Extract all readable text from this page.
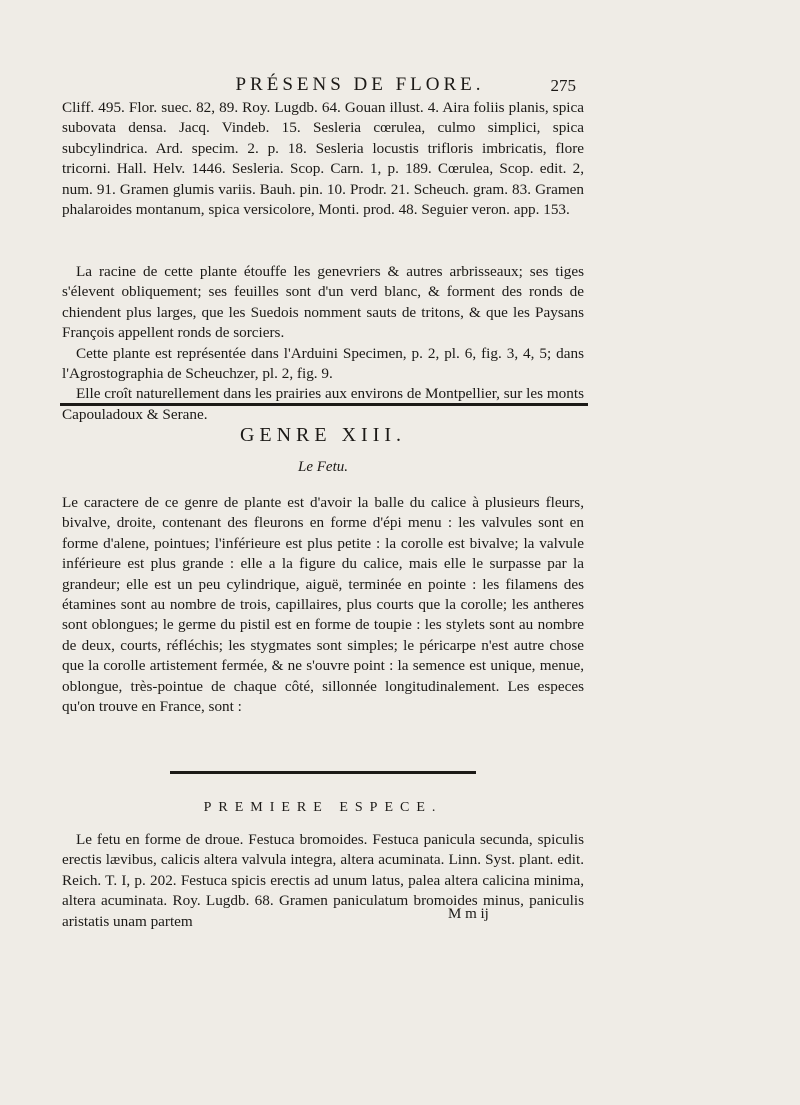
PRÉSENS DE FLORE.	275

Cliff. 495. Flor. suec. 82, 89. Roy. Lugdb. 64. Gouan illust. 4. Aira foliis planis, spica subovata densa. Jacq. Vindeb. 15. Sesleria cœrulea, culmo simplici, spica subcylindrica. Ard. specim. 2. p. 18. Sesleria locustis trifloris imbricatis, flore tricorni. Hall. Helv. 1446. Sesleria. Scop. Carn. 1, p. 189. Cœrulea, Scop. edit. 2, num. 91. Gramen glumis variis. Bauh. pin. 10. Prodr. 21. Scheuch. gram. 83. Gramen phalaroides montanum, spica versicolore, Monti. prod. 48. Seguier veron. app. 153.

La racine de cette plante étouffe les genevriers & autres arbrisseaux; ses tiges s'élevent obliquement; ses feuilles sont d'un verd blanc, & forment des ronds de chiendent plus larges, que les Suedois nomment sauts de tritons, & que les Paysans François appellent ronds de sorciers.

Cette plante est représentée dans l'Arduini Specimen, p. 2, pl. 6, fig. 3, 4, 5; dans l'Agrostographia de Scheuchzer, pl. 2, fig. 9.

Elle croît naturellement dans les prairies aux environs de Montpellier, sur les monts Capouladoux & Serane.

GENRE XIII.
Le Fetu.

Le caractere de ce genre de plante est d'avoir la balle du calice à plusieurs fleurs, bivalve, droite, contenant des fleurons en forme d'épi menu : les valvules sont en forme d'alene, pointues; l'inférieure est plus petite : la corolle est bivalve; la valvule inférieure est plus grande : elle a la figure du calice, mais elle le surpasse par la grandeur; elle est un peu cylindrique, aiguë, terminée en pointe : les filamens des étamines sont au nombre de trois, capillaires, plus courts que la corolle; les antheres sont oblongues; le germe du pistil est en forme de toupie : les stylets sont au nombre de deux, courts, réfléchis; les stygmates sont simples; le péricarpe n'est autre chose que la corolle artistement fermée, & ne s'ouvre point : la semence est unique, menue, oblongue, très-pointue de chaque côté, sillonnée longitudinalement. Les especes qu'on trouve en France, sont :

PREMIERE ESPECE.

Le fetu en forme de droue. Festuca bromoides. Festuca panicula secunda, spiculis erectis lævibus, calicis altera valvula integra, altera acuminata. Linn. Syst. plant. edit. Reich. T. I, p. 202. Festuca spicis erectis ad unum latus, palea altera calicina minima, altera acuminata. Roy. Lugdb. 68. Gramen paniculatum bromoides minus, paniculis aristatis unam partem	M m ij
